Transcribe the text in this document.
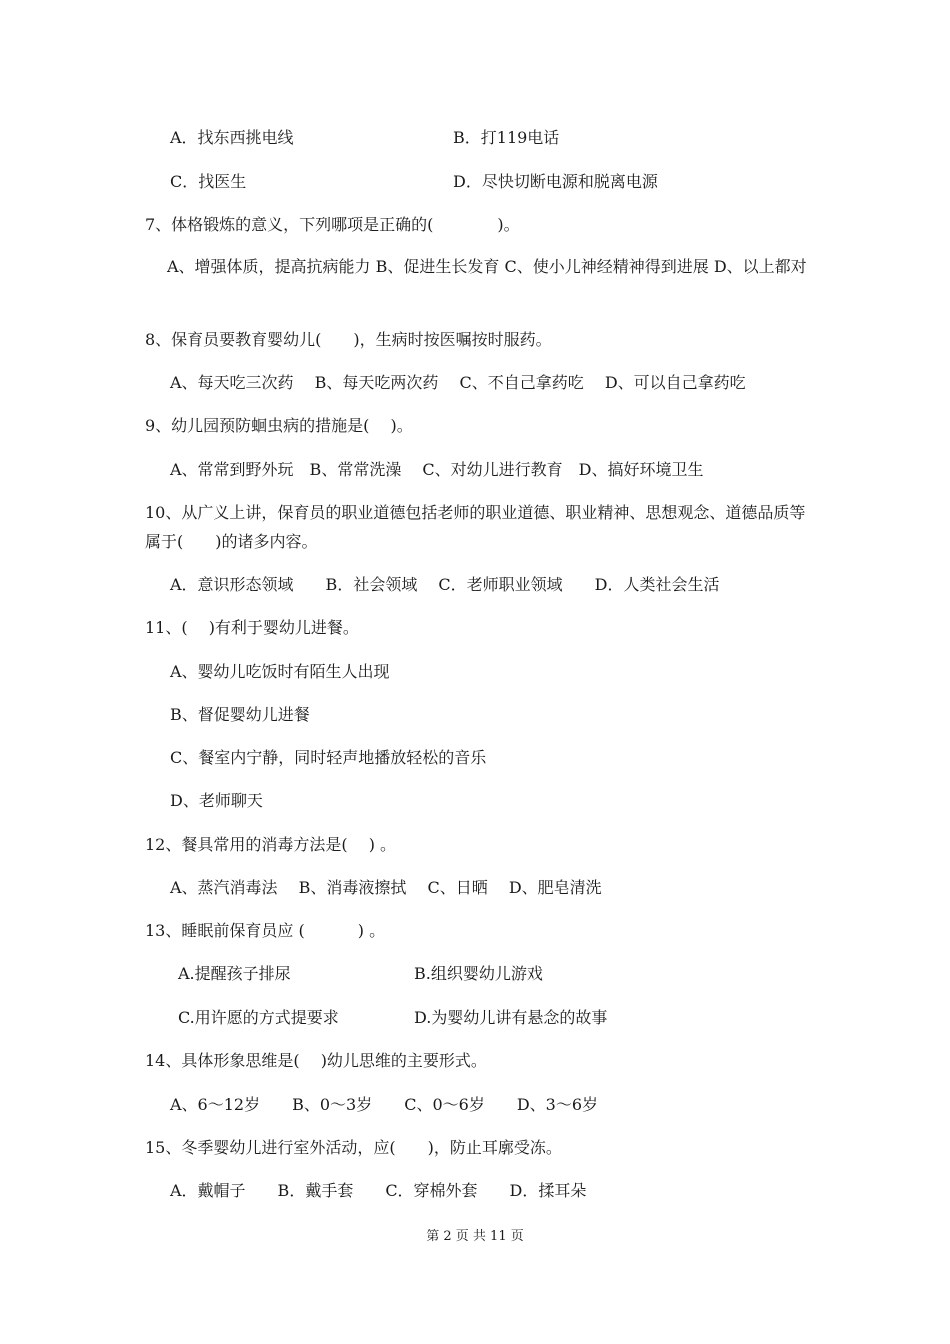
A．找东西挑电线	B．打119电话
C．找医生	D．尽快切断电源和脱离电源
7、体格锻炼的意义，下列哪项是正确的(　　　　)。
A、增强体质，提高抗病能力 B、促进生长发育 C、使小儿神经精神得到进展 D、以上都对
8、保育员要教育婴幼儿(　　)，生病时按医嘱按时服药。
A、每天吃三次药　 B、每天吃两次药　 C、不自己拿药吃　 D、可以自己拿药吃
9、幼儿园预防蛔虫病的措施是(　 )。
A、常常到野外玩　B、常常洗澡　 C、对幼儿进行教育　D、搞好环境卫生
10、从广义上讲，保育员的职业道德包括老师的职业道德、职业精神、思想观念、道德品质等属于(　　)的诸多内容。
A．意识形态领域　　B．社会领域　 C．老师职业领域　　D．人类社会生活
11、(　 )有利于婴幼儿进餐。
A、婴幼儿吃饭时有陌生人出现
B、督促婴幼儿进餐
C、餐室内宁静，同时轻声地播放轻松的音乐
D、老师聊天
12、餐具常用的消毒方法是(　 ) 。
A、蒸汽消毒法　 B、消毒液擦拭　 C、日晒　 D、肥皂清洗
13、睡眠前保育员应 (　　　 ) 。
A.提醒孩子排尿	B.组织婴幼儿游戏
C.用许愿的方式提要求	D.为婴幼儿讲有悬念的故事
14、具体形象思维是(　 )幼儿思维的主要形式。
A、6～12岁　　B、0～3岁　　C、0～6岁　　D、3～6岁
15、冬季婴幼儿进行室外活动，应(　　)，防止耳廓受冻。
A．戴帽子　　B．戴手套　　C．穿棉外套　　D．揉耳朵
第 2 页 共 11 页
